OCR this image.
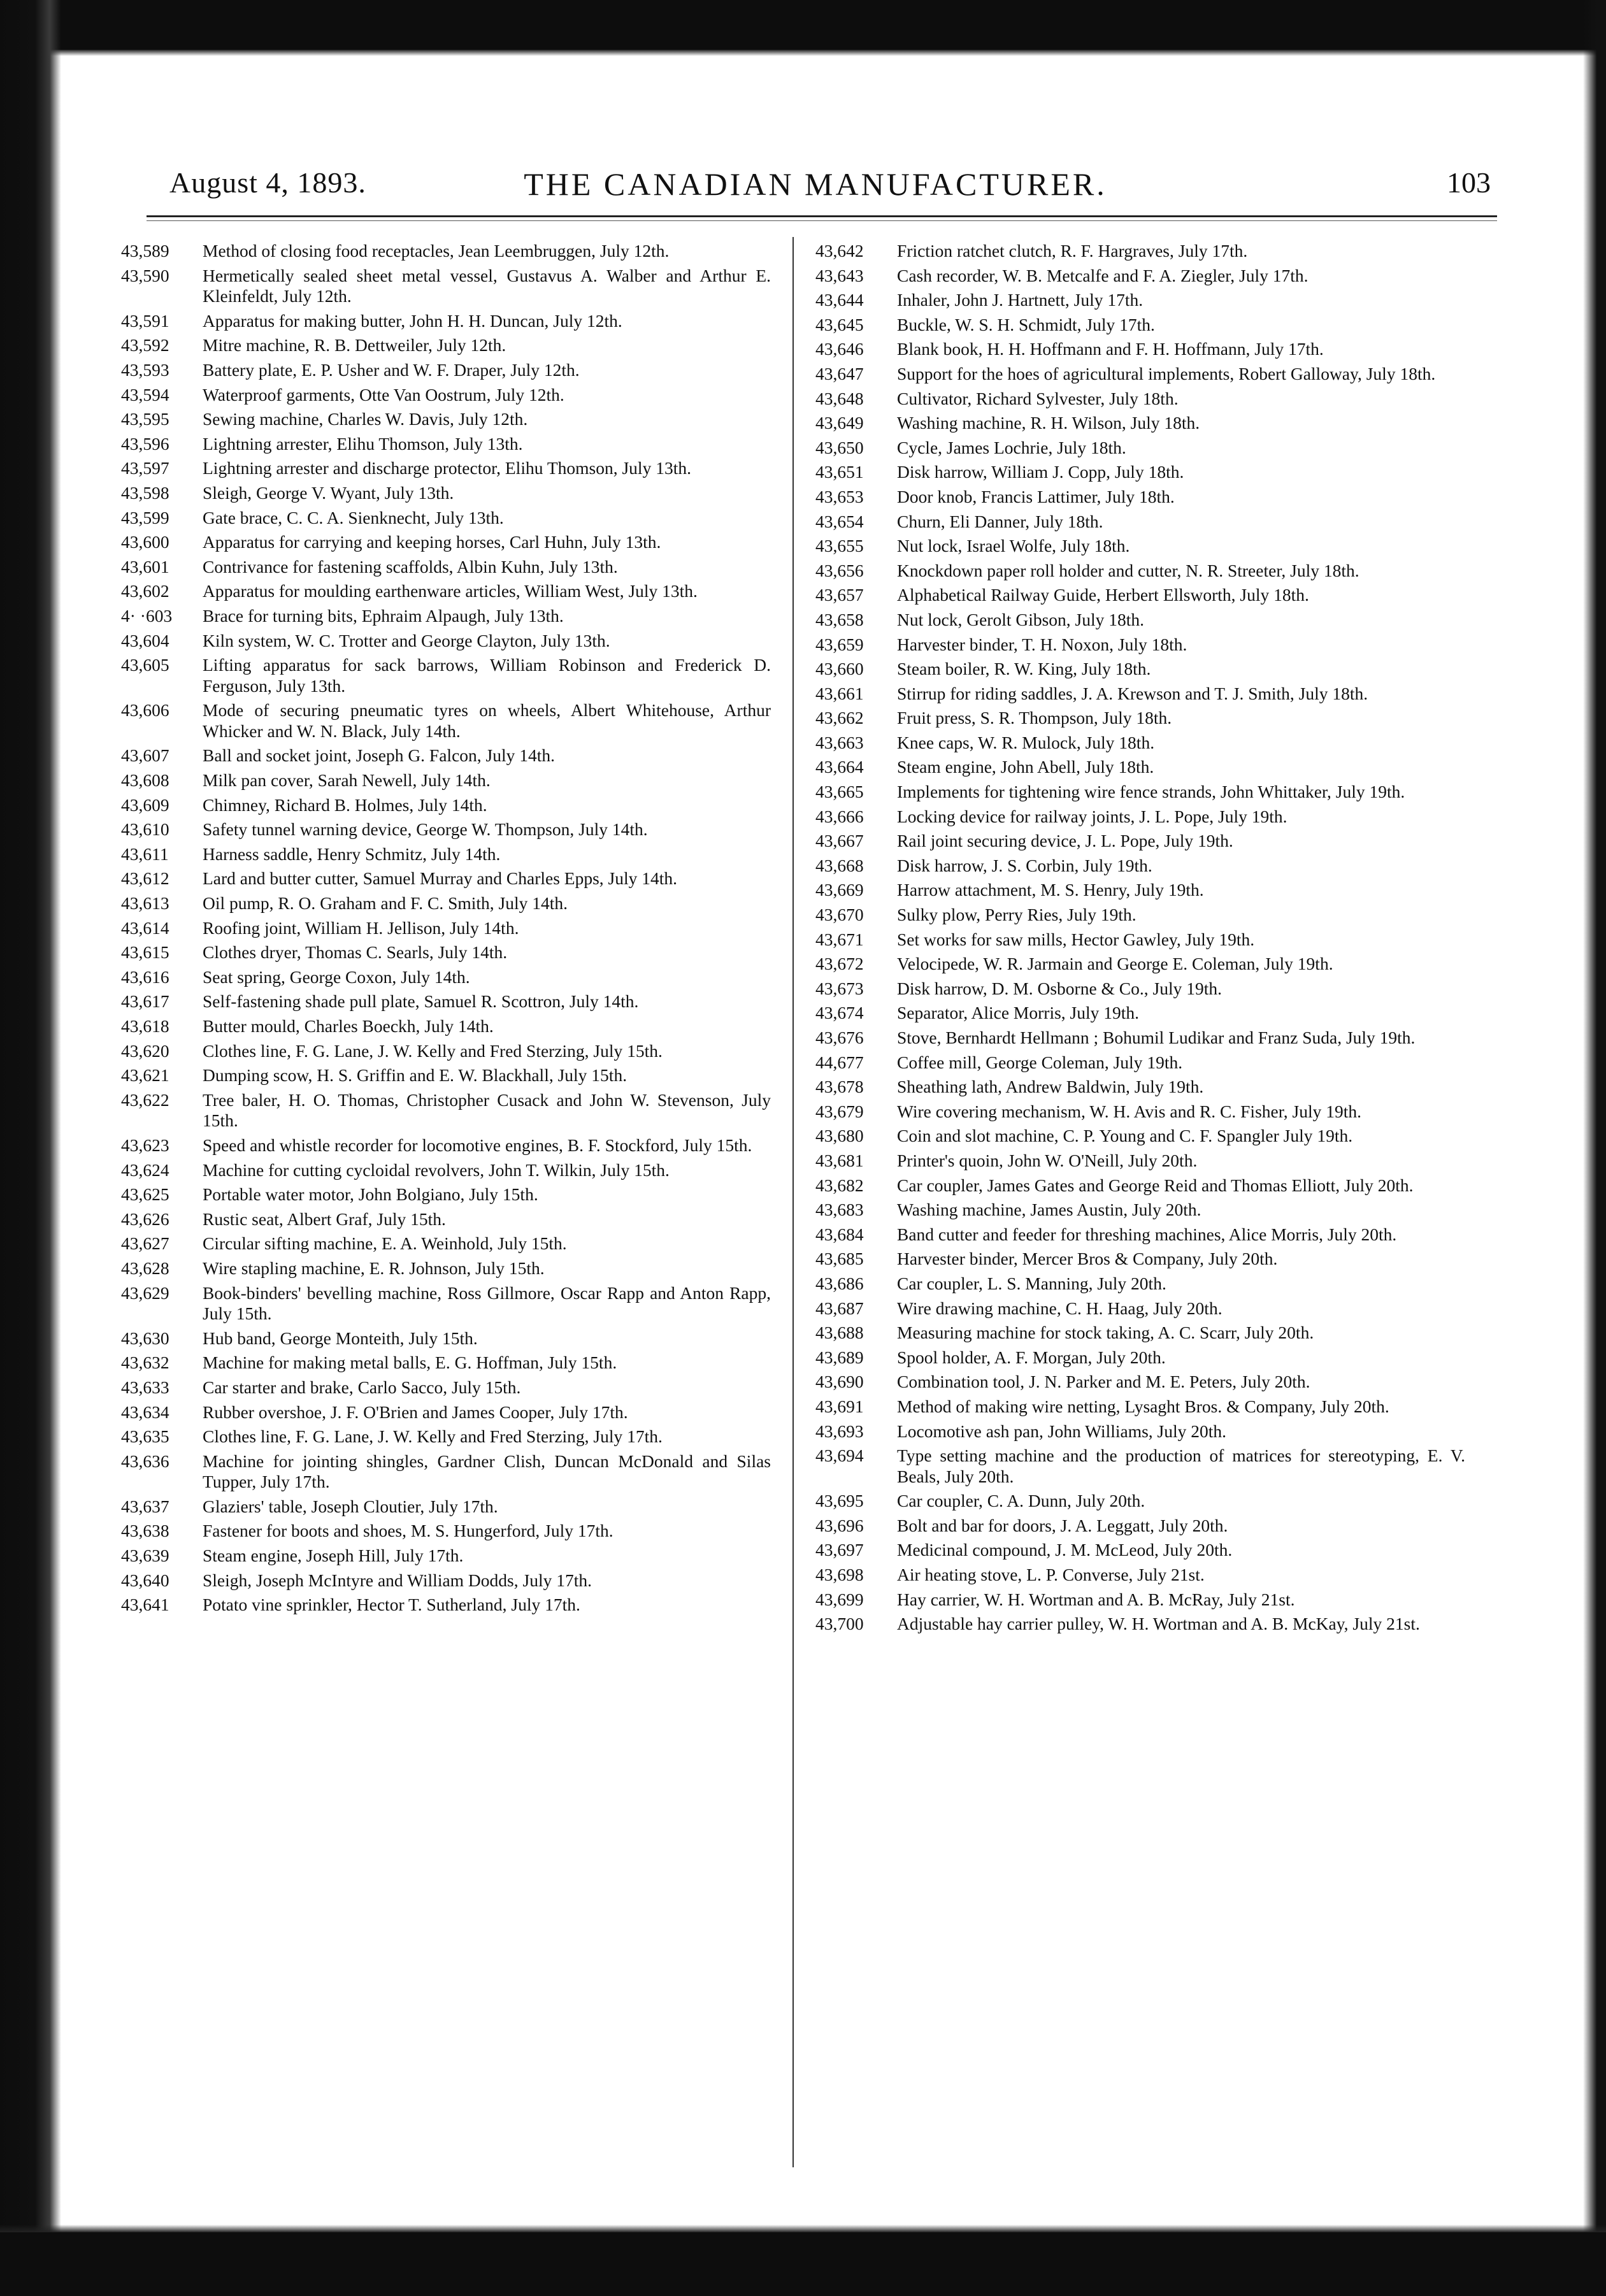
August 4, 1893.	THE CANADIAN MANUFACTURER.	103
43,589	Method of closing food receptacles, Jean Leembruggen, July 12th.
43,590	Hermetically sealed sheet metal vessel, Gustavus A. Walber and Arthur E. Kleinfeldt, July 12th.
43,591	Apparatus for making butter, John H. H. Duncan, July 12th.
43,592	Mitre machine, R. B. Dettweiler, July 12th.
43,593	Battery plate, E. P. Usher and W. F. Draper, July 12th.
43,594	Waterproof garments, Otte Van Oostrum, July 12th.
43,595	Sewing machine, Charles W. Davis, July 12th.
43,596	Lightning arrester, Elihu Thomson, July 13th.
43,597	Lightning arrester and discharge protector, Elihu Thomson, July 13th.
43,598	Sleigh, George V. Wyant, July 13th.
43,599	Gate brace, C. C. A. Sienknecht, July 13th.
43,600	Apparatus for carrying and keeping horses, Carl Huhn, July 13th.
43,601	Contrivance for fastening scaffolds, Albin Kuhn, July 13th.
43,602	Apparatus for moulding earthenware articles, William West, July 13th.
4· ·603	Brace for turning bits, Ephraim Alpaugh, July 13th.
43,604	Kiln system, W. C. Trotter and George Clayton, July 13th.
43,605	Lifting apparatus for sack barrows, William Robinson and Frederick D. Ferguson, July 13th.
43,606	Mode of securing pneumatic tyres on wheels, Albert Whitehouse, Arthur Whicker and W. N. Black, July 14th.
43,607	Ball and socket joint, Joseph G. Falcon, July 14th.
43,608	Milk pan cover, Sarah Newell, July 14th.
43,609	Chimney, Richard B. Holmes, July 14th.
43,610	Safety tunnel warning device, George W. Thompson, July 14th.
43,611	Harness saddle, Henry Schmitz, July 14th.
43,612	Lard and butter cutter, Samuel Murray and Charles Epps, July 14th.
43,613	Oil pump, R. O. Graham and F. C. Smith, July 14th.
43,614	Roofing joint, William H. Jellison, July 14th.
43,615	Clothes dryer, Thomas C. Searls, July 14th.
43,616	Seat spring, George Coxon, July 14th.
43,617	Self-fastening shade pull plate, Samuel R. Scottron, July 14th.
43,618	Butter mould, Charles Boeckh, July 14th.
43,620	Clothes line, F. G. Lane, J. W. Kelly and Fred Sterzing, July 15th.
43,621	Dumping scow, H. S. Griffin and E. W. Blackhall, July 15th.
43,622	Tree baler, H. O. Thomas, Christopher Cusack and John W. Stevenson, July 15th.
43,623	Speed and whistle recorder for locomotive engines, B. F. Stockford, July 15th.
43,624	Machine for cutting cycloidal revolvers, John T. Wilkin, July 15th.
43,625	Portable water motor, John Bolgiano, July 15th.
43,626	Rustic seat, Albert Graf, July 15th.
43,627	Circular sifting machine, E. A. Weinhold, July 15th.
43,628	Wire stapling machine, E. R. Johnson, July 15th.
43,629	Book-binders' bevelling machine, Ross Gillmore, Oscar Rapp and Anton Rapp, July 15th.
43,630	Hub band, George Monteith, July 15th.
43,632	Machine for making metal balls, E. G. Hoffman, July 15th.
43,633	Car starter and brake, Carlo Sacco, July 15th.
43,634	Rubber overshoe, J. F. O'Brien and James Cooper, July 17th.
43,635	Clothes line, F. G. Lane, J. W. Kelly and Fred Sterzing, July 17th.
43,636	Machine for jointing shingles, Gardner Clish, Duncan McDonald and Silas Tupper, July 17th.
43,637	Glaziers' table, Joseph Cloutier, July 17th.
43,638	Fastener for boots and shoes, M. S. Hungerford, July 17th.
43,639	Steam engine, Joseph Hill, July 17th.
43,640	Sleigh, Joseph McIntyre and William Dodds, July 17th.
43,641	Potato vine sprinkler, Hector T. Sutherland, July 17th.
43,642	Friction ratchet clutch, R. F. Hargraves, July 17th.
43,643	Cash recorder, W. B. Metcalfe and F. A. Ziegler, July 17th.
43,644	Inhaler, John J. Hartnett, July 17th.
43,645	Buckle, W. S. H. Schmidt, July 17th.
43,646	Blank book, H. H. Hoffmann and F. H. Hoffmann, July 17th.
43,647	Support for the hoes of agricultural implements, Robert Galloway, July 18th.
43,648	Cultivator, Richard Sylvester, July 18th.
43,649	Washing machine, R. H. Wilson, July 18th.
43,650	Cycle, James Lochrie, July 18th.
43,651	Disk harrow, William J. Copp, July 18th.
43,653	Door knob, Francis Lattimer, July 18th.
43,654	Churn, Eli Danner, July 18th.
43,655	Nut lock, Israel Wolfe, July 18th.
43,656	Knockdown paper roll holder and cutter, N. R. Streeter, July 18th.
43,657	Alphabetical Railway Guide, Herbert Ellsworth, July 18th.
43,658	Nut lock, Gerolt Gibson, July 18th.
43,659	Harvester binder, T. H. Noxon, July 18th.
43,660	Steam boiler, R. W. King, July 18th.
43,661	Stirrup for riding saddles, J. A. Krewson and T. J. Smith, July 18th.
43,662	Fruit press, S. R. Thompson, July 18th.
43,663	Knee caps, W. R. Mulock, July 18th.
43,664	Steam engine, John Abell, July 18th.
43,665	Implements for tightening wire fence strands, John Whittaker, July 19th.
43,666	Locking device for railway joints, J. L. Pope, July 19th.
43,667	Rail joint securing device, J. L. Pope, July 19th.
43,668	Disk harrow, J. S. Corbin, July 19th.
43,669	Harrow attachment, M. S. Henry, July 19th.
43,670	Sulky plow, Perry Ries, July 19th.
43,671	Set works for saw mills, Hector Gawley, July 19th.
43,672	Velocipede, W. R. Jarmain and George E. Coleman, July 19th.
43,673	Disk harrow, D. M. Osborne & Co., July 19th.
43,674	Separator, Alice Morris, July 19th.
43,676	Stove, Bernhardt Hellmann ; Bohumil Ludikar and Franz Suda, July 19th.
44,677	Coffee mill, George Coleman, July 19th.
43,678	Sheathing lath, Andrew Baldwin, July 19th.
43,679	Wire covering mechanism, W. H. Avis and R. C. Fisher, July 19th.
43,680	Coin and slot machine, C. P. Young and C. F. Spangler July 19th.
43,681	Printer's quoin, John W. O'Neill, July 20th.
43,682	Car coupler, James Gates and George Reid and Thomas Elliott, July 20th.
43,683	Washing machine, James Austin, July 20th.
43,684	Band cutter and feeder for threshing machines, Alice Morris, July 20th.
43,685	Harvester binder, Mercer Bros & Company, July 20th.
43,686	Car coupler, L. S. Manning, July 20th.
43,687	Wire drawing machine, C. H. Haag, July 20th.
43,688	Measuring machine for stock taking, A. C. Scarr, July 20th.
43,689	Spool holder, A. F. Morgan, July 20th.
43,690	Combination tool, J. N. Parker and M. E. Peters, July 20th.
43,691	Method of making wire netting, Lysaght Bros. & Company, July 20th.
43,693	Locomotive ash pan, John Williams, July 20th.
43,694	Type setting machine and the production of matrices for stereotyping, E. V. Beals, July 20th.
43,695	Car coupler, C. A. Dunn, July 20th.
43,696	Bolt and bar for doors, J. A. Leggatt, July 20th.
43,697	Medicinal compound, J. M. McLeod, July 20th.
43,698	Air heating stove, L. P. Converse, July 21st.
43,699	Hay carrier, W. H. Wortman and A. B. McRay, July 21st.
43,700	Adjustable hay carrier pulley, W. H. Wortman and A. B. McKay, July 21st.
